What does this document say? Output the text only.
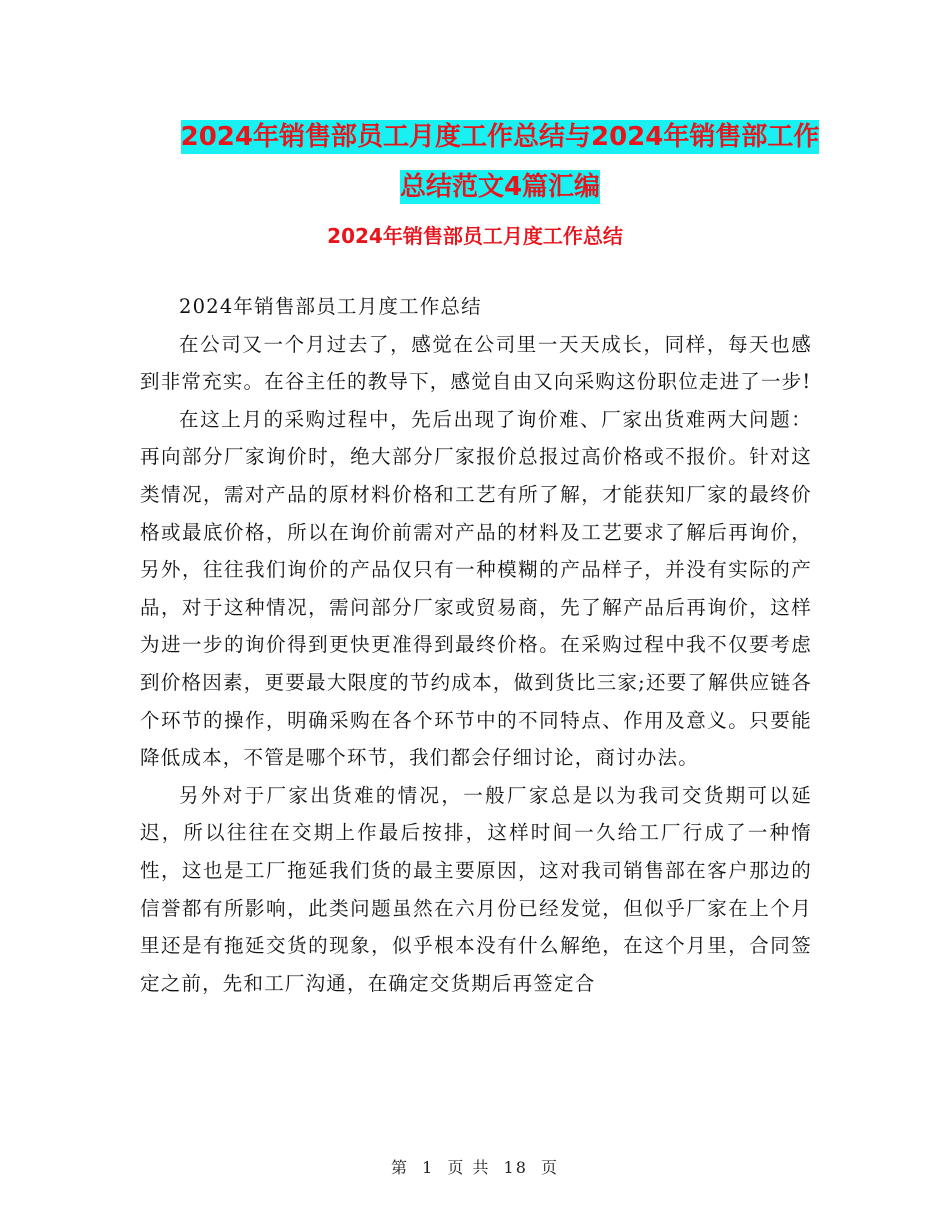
2024年销售部员工月度工作总结与2024年销售部工作
总结范文4篇汇编
2024年销售部员工月度工作总结

2024年销售部员工月度工作总结

在公司又一个月过去了，感觉在公司里一天天成长，同样，每天也感到非常充实。在谷主任的教导下，感觉自由又向采购这份职位走进了一步!

在这上月的采购过程中，先后出现了询价难、厂家出货难两大问题：再向部分厂家询价时，绝大部分厂家报价总报过高价格或不报价。针对这类情况，需对产品的原材料价格和工艺有所了解，才能获知厂家的最终价格或最底价格，所以在询价前需对产品的材料及工艺要求了解后再询价，另外，往往我们询价的产品仅只有一种模糊的产品样子，并没有实际的产品，对于这种情况，需问部分厂家或贸易商，先了解产品后再询价，这样为进一步的询价得到更快更准得到最终价格。在采购过程中我不仅要考虑到价格因素，更要最大限度的节约成本，做到货比三家;还要了解供应链各个环节的操作，明确采购在各个环节中的不同特点、作用及意义。只要能降低成本，不管是哪个环节，我们都会仔细讨论，商讨办法。

另外对于厂家出货难的情况，一般厂家总是以为我司交货期可以延迟，所以往往在交期上作最后按排，这样时间一久给工厂行成了一种惰性，这也是工厂拖延我们货的最主要原因，这对我司销售部在客户那边的信誉都有所影响，此类问题虽然在六月份已经发觉，但似乎厂家在上个月里还是有拖延交货的现象，似乎根本没有什么解绝，在这个月里，合同签定之前，先和工厂沟通，在确定交货期后再签定合

第 1 页 共 18 页
